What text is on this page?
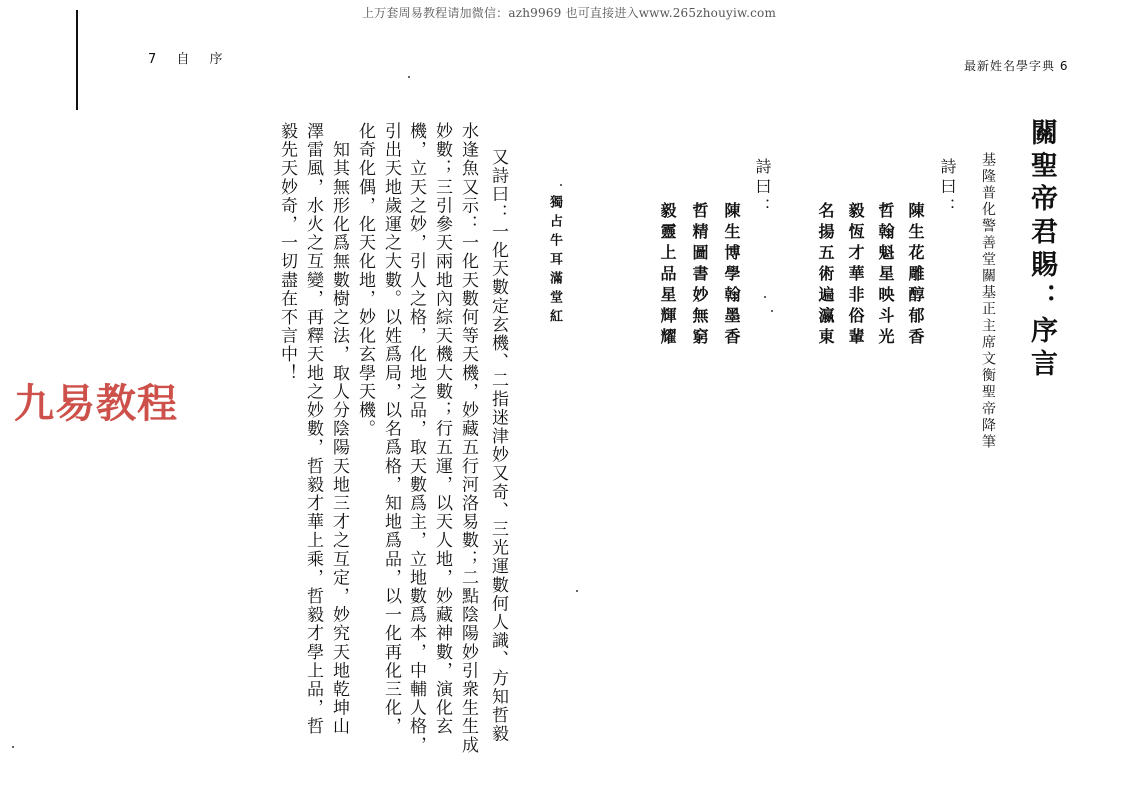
上万套周易教程请加微信：azh9969 也可直接进入www.265zhouyiw.com
7 自 序	最新姓名學字典 6
關聖帝君賜：序言
基隆普化警善堂關基正主席文衡聖帝降筆
詩曰：
陳生花雕醇郁香
哲翰魁星映斗光
毅恆才華非俗輩
名揚五術遍瀛東
詩曰：
陳生博學翰墨香
哲精圖書妙無窮
毅靈上品星輝耀
獨占牛耳滿堂紅
又詩曰：一化天數定玄機、二指迷津妙又奇、三光運數何人識、方知哲毅
水逢魚又示：一化天數何等天機，妙藏五行河洛易數；二點陰陽妙引衆生生成
妙數；三引參天兩地內綜天機大數；行五運，以天人地，妙藏神數，演化玄
機，立天之妙，引人之格，化地之品，取天數爲主，立地數爲本，中輔人格，
引出天地歲運之大數。以姓爲局，以名爲格，知地爲品，以一化再化三化，
化奇化偶，化天化地，妙化玄學天機。
　知其無形化爲無數樹之法，取人分陰陽天地三才之互定，妙究天地乾坤山
澤雷風，水火之互變，再釋天地之妙數，哲毅才華上乘，哲毅才學上品，哲
毅先天妙奇，一切盡在不言中！
九易教程
